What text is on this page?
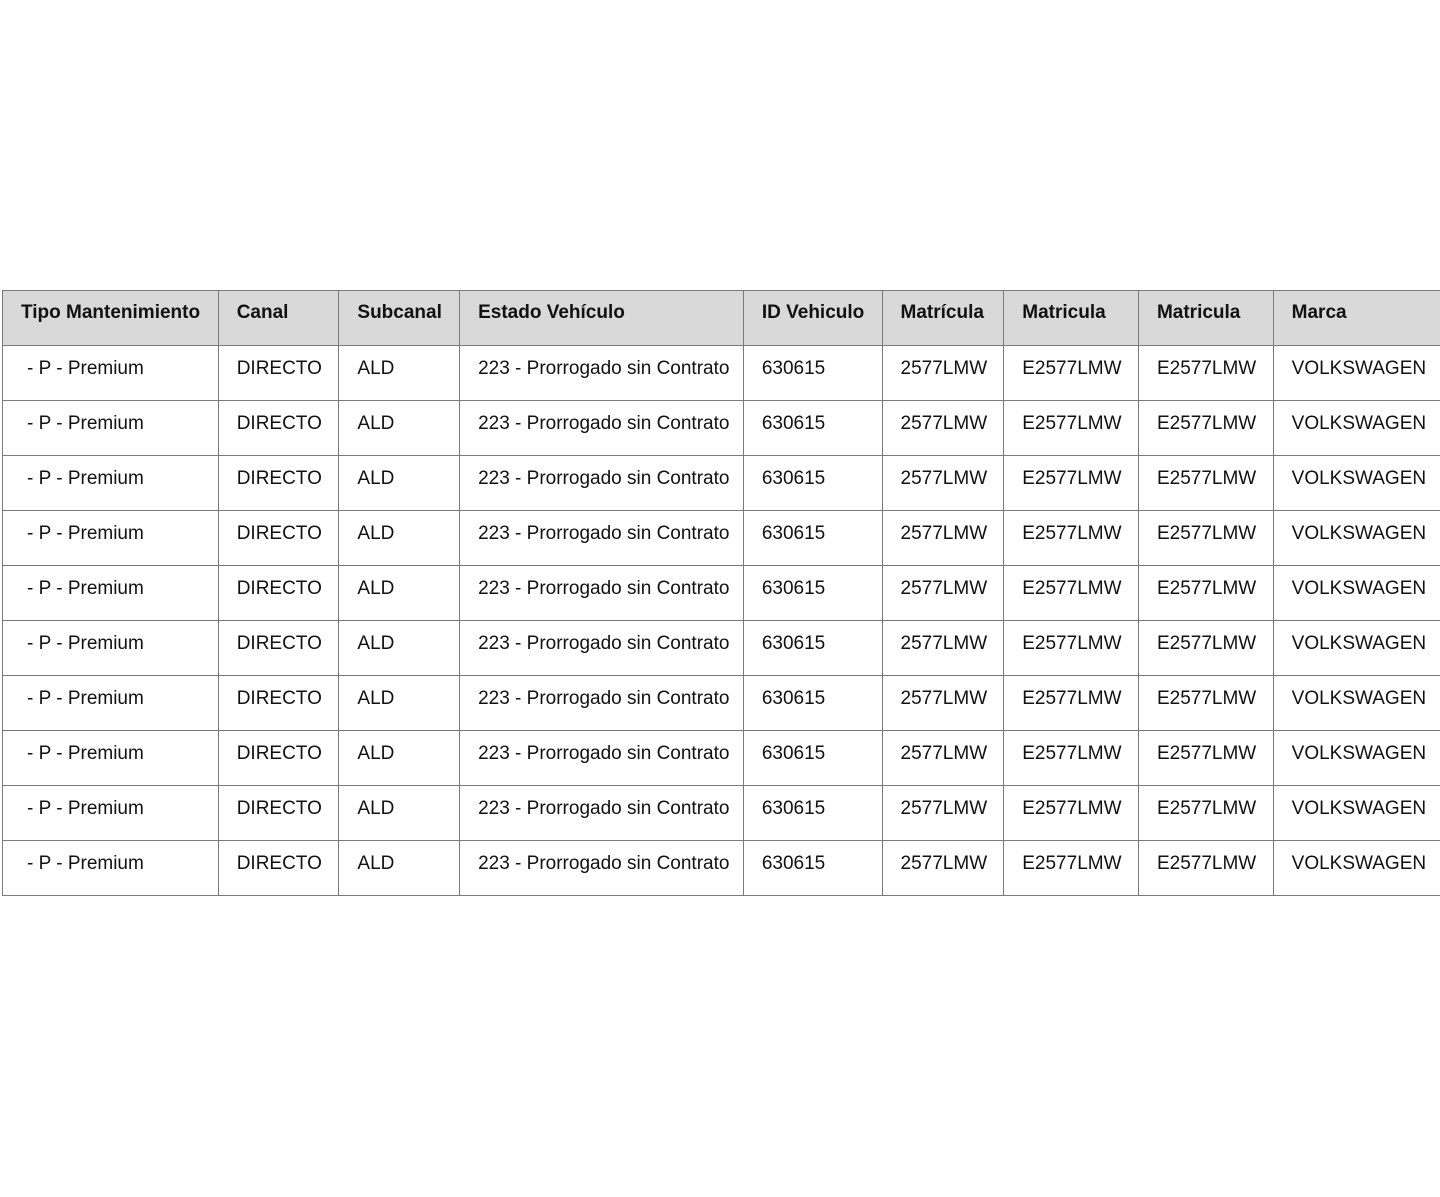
Tipo Mantenimiento	Canal	Subcanal	Estado Vehículo	ID Vehiculo	Matrícula	Matricula	Matricula	Marca
- P - Premium	DIRECTO	ALD	223 - Prorrogado sin Contrato	630615	2577LMW	E2577LMW	E2577LMW	VOLKSWAGEN
- P - Premium	DIRECTO	ALD	223 - Prorrogado sin Contrato	630615	2577LMW	E2577LMW	E2577LMW	VOLKSWAGEN
- P - Premium	DIRECTO	ALD	223 - Prorrogado sin Contrato	630615	2577LMW	E2577LMW	E2577LMW	VOLKSWAGEN
- P - Premium	DIRECTO	ALD	223 - Prorrogado sin Contrato	630615	2577LMW	E2577LMW	E2577LMW	VOLKSWAGEN
- P - Premium	DIRECTO	ALD	223 - Prorrogado sin Contrato	630615	2577LMW	E2577LMW	E2577LMW	VOLKSWAGEN
- P - Premium	DIRECTO	ALD	223 - Prorrogado sin Contrato	630615	2577LMW	E2577LMW	E2577LMW	VOLKSWAGEN
- P - Premium	DIRECTO	ALD	223 - Prorrogado sin Contrato	630615	2577LMW	E2577LMW	E2577LMW	VOLKSWAGEN
- P - Premium	DIRECTO	ALD	223 - Prorrogado sin Contrato	630615	2577LMW	E2577LMW	E2577LMW	VOLKSWAGEN
- P - Premium	DIRECTO	ALD	223 - Prorrogado sin Contrato	630615	2577LMW	E2577LMW	E2577LMW	VOLKSWAGEN
- P - Premium	DIRECTO	ALD	223 - Prorrogado sin Contrato	630615	2577LMW	E2577LMW	E2577LMW	VOLKSWAGEN
